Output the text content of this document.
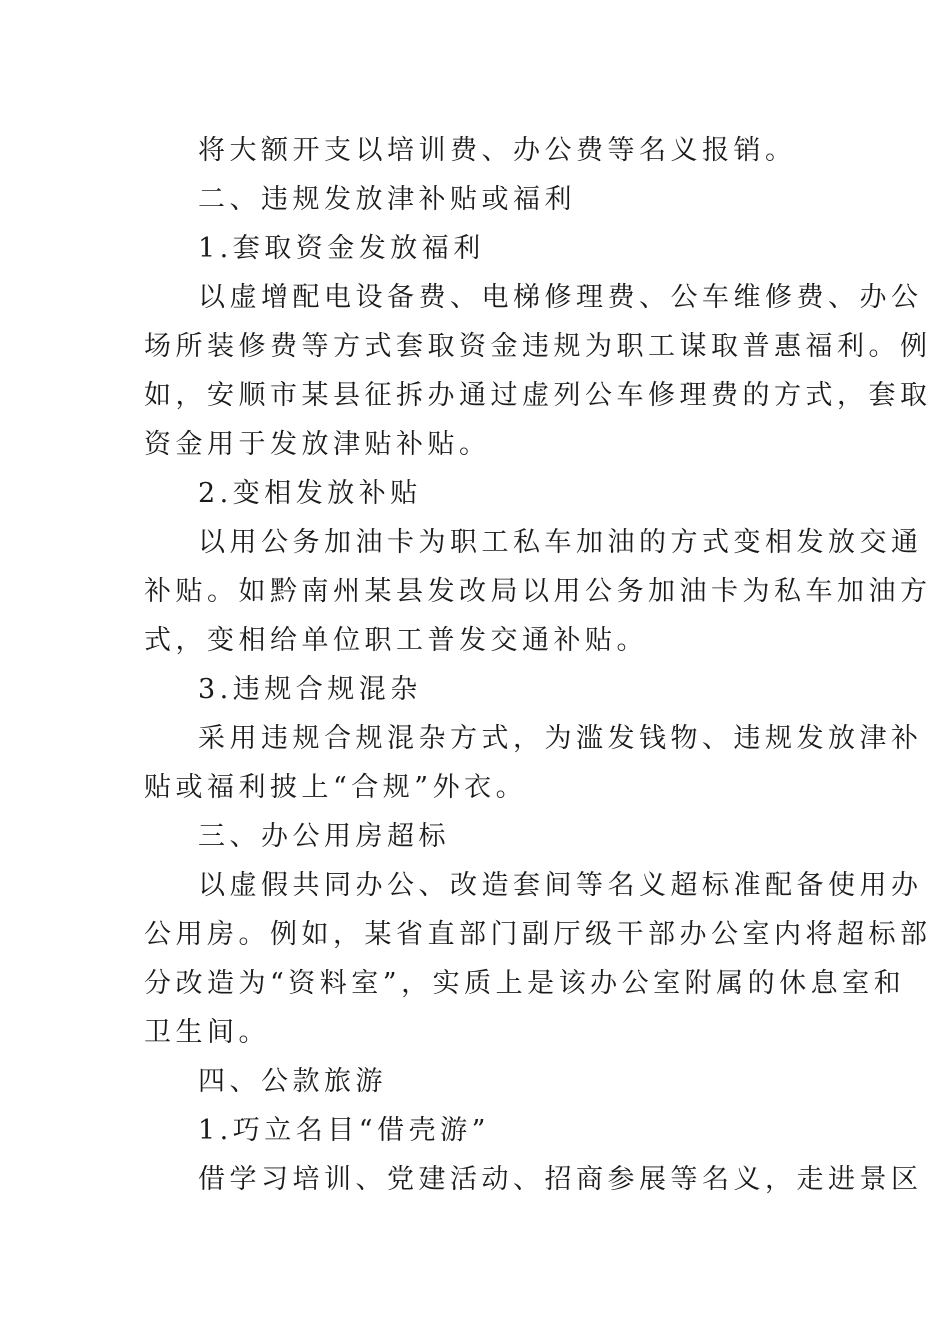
将大额开支以培训费、办公费等名义报销。

二、违规发放津补贴或福利

1.套取资金发放福利

以虚增配电设备费、电梯修理费、公车维修费、办公

场所装修费等方式套取资金违规为职工谋取普惠福利。例

如，安顺市某县征拆办通过虚列公车修理费的方式，套取

资金用于发放津贴补贴。

2.变相发放补贴

以用公务加油卡为职工私车加油的方式变相发放交通

补贴。如黔南州某县发改局以用公务加油卡为私车加油方

式，变相给单位职工普发交通补贴。

3.违规合规混杂

采用违规合规混杂方式，为滥发钱物、违规发放津补

贴或福利披上“合规”外衣。

三、办公用房超标

以虚假共同办公、改造套间等名义超标准配备使用办

公用房。例如，某省直部门副厅级干部办公室内将超标部

分改造为“资料室”，实质上是该办公室附属的休息室和

卫生间。

四、公款旅游

1.巧立名目“借壳游”

借学习培训、党建活动、招商参展等名义，走进景区
